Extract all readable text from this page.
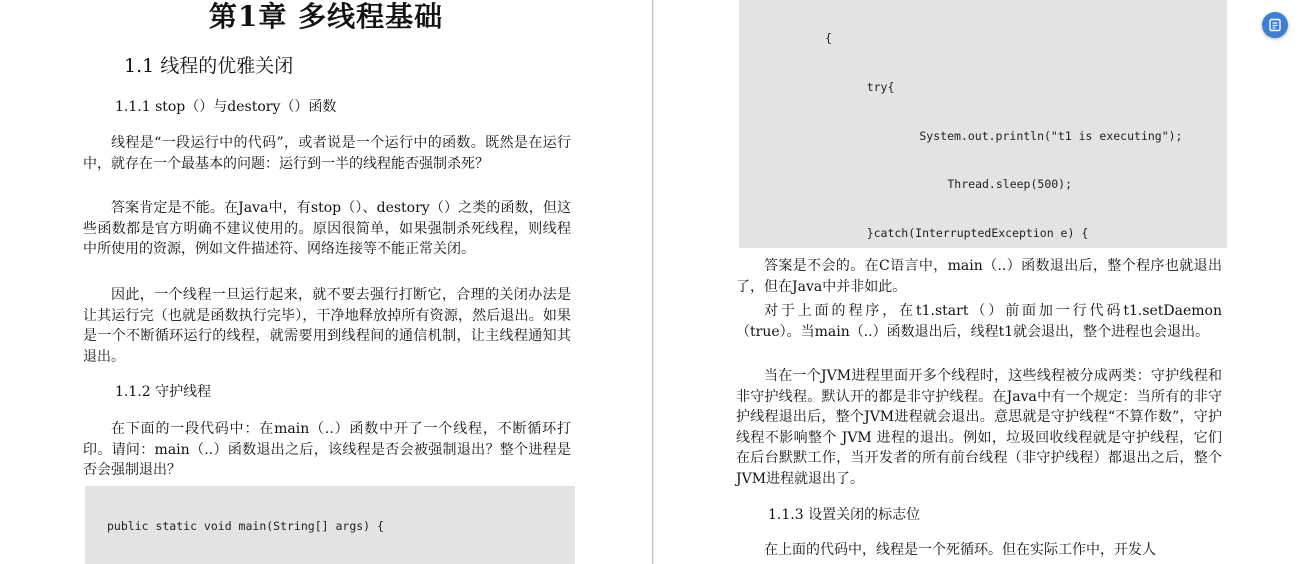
第1章 多线程基础
1.1 线程的优雅关闭
1.1.1 stop（）与destory（）函数

线程是“一段运行中的代码”，或者说是一个运行中的函数。既然是在运行中，就存在一个最基本的问题：运行到一半的线程能否强制杀死？

答案肯定是不能。在Java中，有stop（）、destory（）之类的函数，但这些函数都是官方明确不建议使用的。原因很简单，如果强制杀死线程，则线程中所使用的资源，例如文件描述符、网络连接等不能正常关闭。

因此，一个线程一旦运行起来，就不要去强行打断它，合理的关闭办法是让其运行完（也就是函数执行完毕），干净地释放掉所有资源，然后退出。如果是一个不断循环运行的线程，就需要用到线程间的通信机制，让主线程通知其退出。

1.1.2 守护线程

在下面的一段代码中：在main（..）函数中开了一个线程，不断循环打印。请问：main（..）函数退出之后，该线程是否会被强制退出？整个进程是否会强制退出？

public static void main(String[] args) {

{

try{

System.out.println("t1 is executing");

Thread.sleep(500);

}catch(InterruptedException e) {

答案是不会的。在C语言中，main（..）函数退出后，整个程序也就退出了，但在Java中并非如此。

对于上面的程序，在t1.start（）前面加一行代码t1.setDaemon（true）。当main（..）函数退出后，线程t1就会退出，整个进程也会退出。

当在一个JVM进程里面开多个线程时，这些线程被分成两类：守护线程和非守护线程。默认开的都是非守护线程。在Java中有一个规定：当所有的非守护线程退出后，整个JVM进程就会退出。意思就是守护线程“不算作数”，守护线程不影响整个 JVM 进程的退出。例如，垃圾回收线程就是守护线程，它们在后台默默工作，当开发者的所有前台线程（非守护线程）都退出之后，整个JVM进程就退出了。

1.1.3 设置关闭的标志位

在上面的代码中，线程是一个死循环。但在实际工作中，开发人
